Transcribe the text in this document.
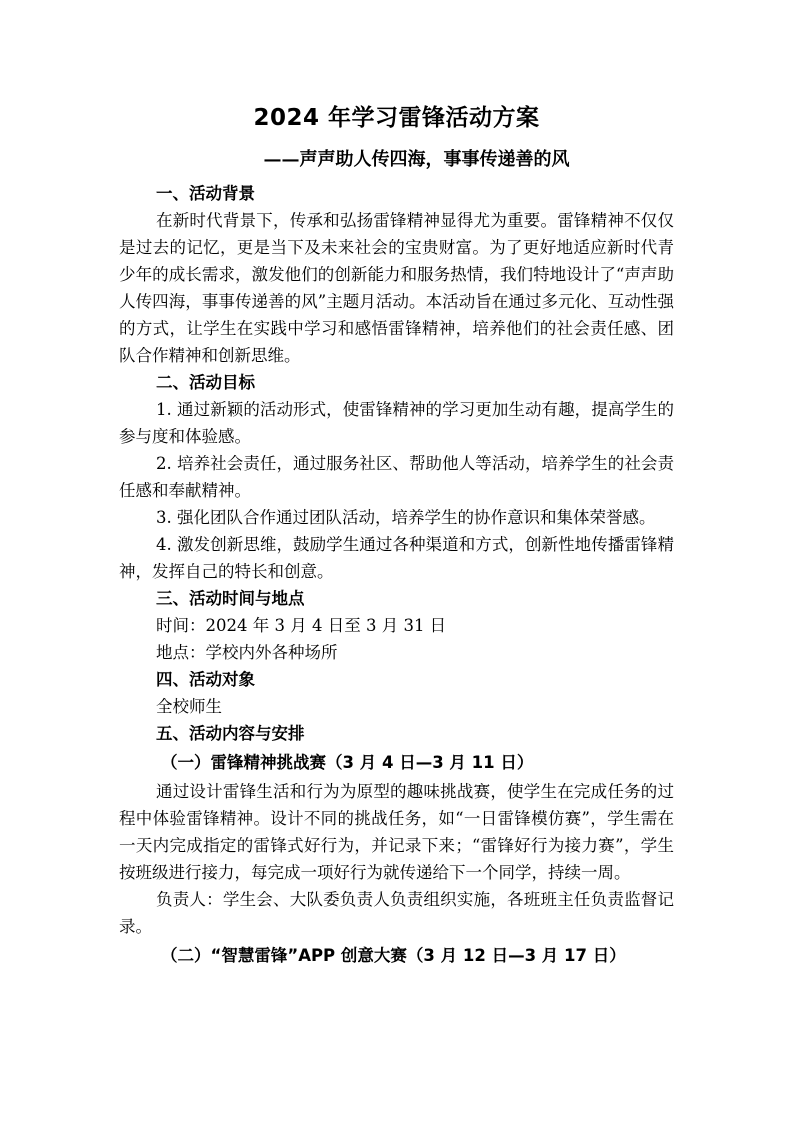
2024 年学习雷锋活动方案

——声声助人传四海，事事传递善的风

一、活动背景

在新时代背景下，传承和弘扬雷锋精神显得尤为重要。雷锋精神不仅仅是过去的记忆，更是当下及未来社会的宝贵财富。为了更好地适应新时代青少年的成长需求，激发他们的创新能力和服务热情，我们特地设计了“声声助人传四海，事事传递善的风”主题月活动。本活动旨在通过多元化、互动性强的方式，让学生在实践中学习和感悟雷锋精神，培养他们的社会责任感、团队合作精神和创新思维。

二、活动目标

1. 通过新颖的活动形式，使雷锋精神的学习更加生动有趣，提高学生的参与度和体验感。

2. 培养社会责任，通过服务社区、帮助他人等活动，培养学生的社会责任感和奉献精神。

3. 强化团队合作通过团队活动，培养学生的协作意识和集体荣誉感。

4. 激发创新思维，鼓励学生通过各种渠道和方式，创新性地传播雷锋精神，发挥自己的特长和创意。

三、活动时间与地点

时间：2024 年 3 月 4 日至 3 月 31 日

地点：学校内外各种场所

四、活动对象

全校师生

五、活动内容与安排

（一）雷锋精神挑战赛（3 月 4 日—3 月 11 日）

通过设计雷锋生活和行为为原型的趣味挑战赛，使学生在完成任务的过程中体验雷锋精神。设计不同的挑战任务，如“一日雷锋模仿赛”，学生需在一天内完成指定的雷锋式好行为，并记录下来；“雷锋好行为接力赛”，学生按班级进行接力，每完成一项好行为就传递给下一个同学，持续一周。

负责人：学生会、大队委负责人负责组织实施，各班班主任负责监督记录。

（二）“智慧雷锋”APP 创意大赛（3 月 12 日—3 月 17 日）
